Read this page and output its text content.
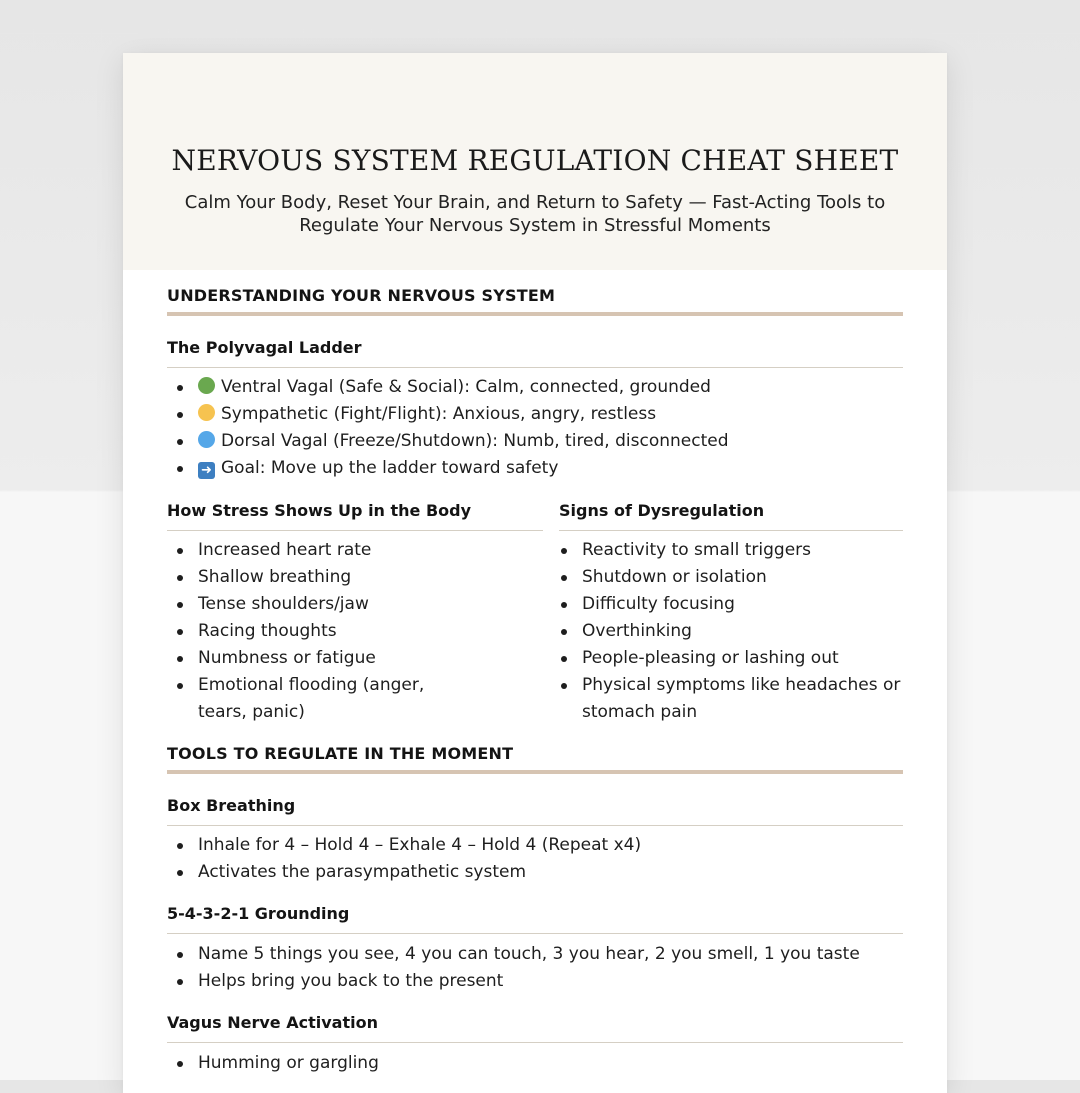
NERVOUS SYSTEM REGULATION CHEAT SHEET
Calm Your Body, Reset Your Brain, and Return to Safety — Fast-Acting Tools to Regulate Your Nervous System in Stressful Moments
UNDERSTANDING YOUR NERVOUS SYSTEM
The Polyvagal Ladder
Ventral Vagal (Safe & Social): Calm, connected, grounded
Sympathetic (Fight/Flight): Anxious, angry, restless
Dorsal Vagal (Freeze/Shutdown): Numb, tired, disconnected
➜ Goal: Move up the ladder toward safety
How Stress Shows Up in the Body
Increased heart rate
Shallow breathing
Tense shoulders/jaw
Racing thoughts
Numbness or fatigue
Emotional flooding (anger, tears, panic)
Signs of Dysregulation
Reactivity to small triggers
Shutdown or isolation
Difficulty focusing
Overthinking
People-pleasing or lashing out
Physical symptoms like headaches or stomach pain
TOOLS TO REGULATE IN THE MOMENT
Box Breathing
Inhale for 4 – Hold 4 – Exhale 4 – Hold 4 (Repeat x4)
Activates the parasympathetic system
5-4-3-2-1 Grounding
Name 5 things you see, 4 you can touch, 3 you hear, 2 you smell, 1 you taste
Helps bring you back to the present
Vagus Nerve Activation
Humming or gargling
